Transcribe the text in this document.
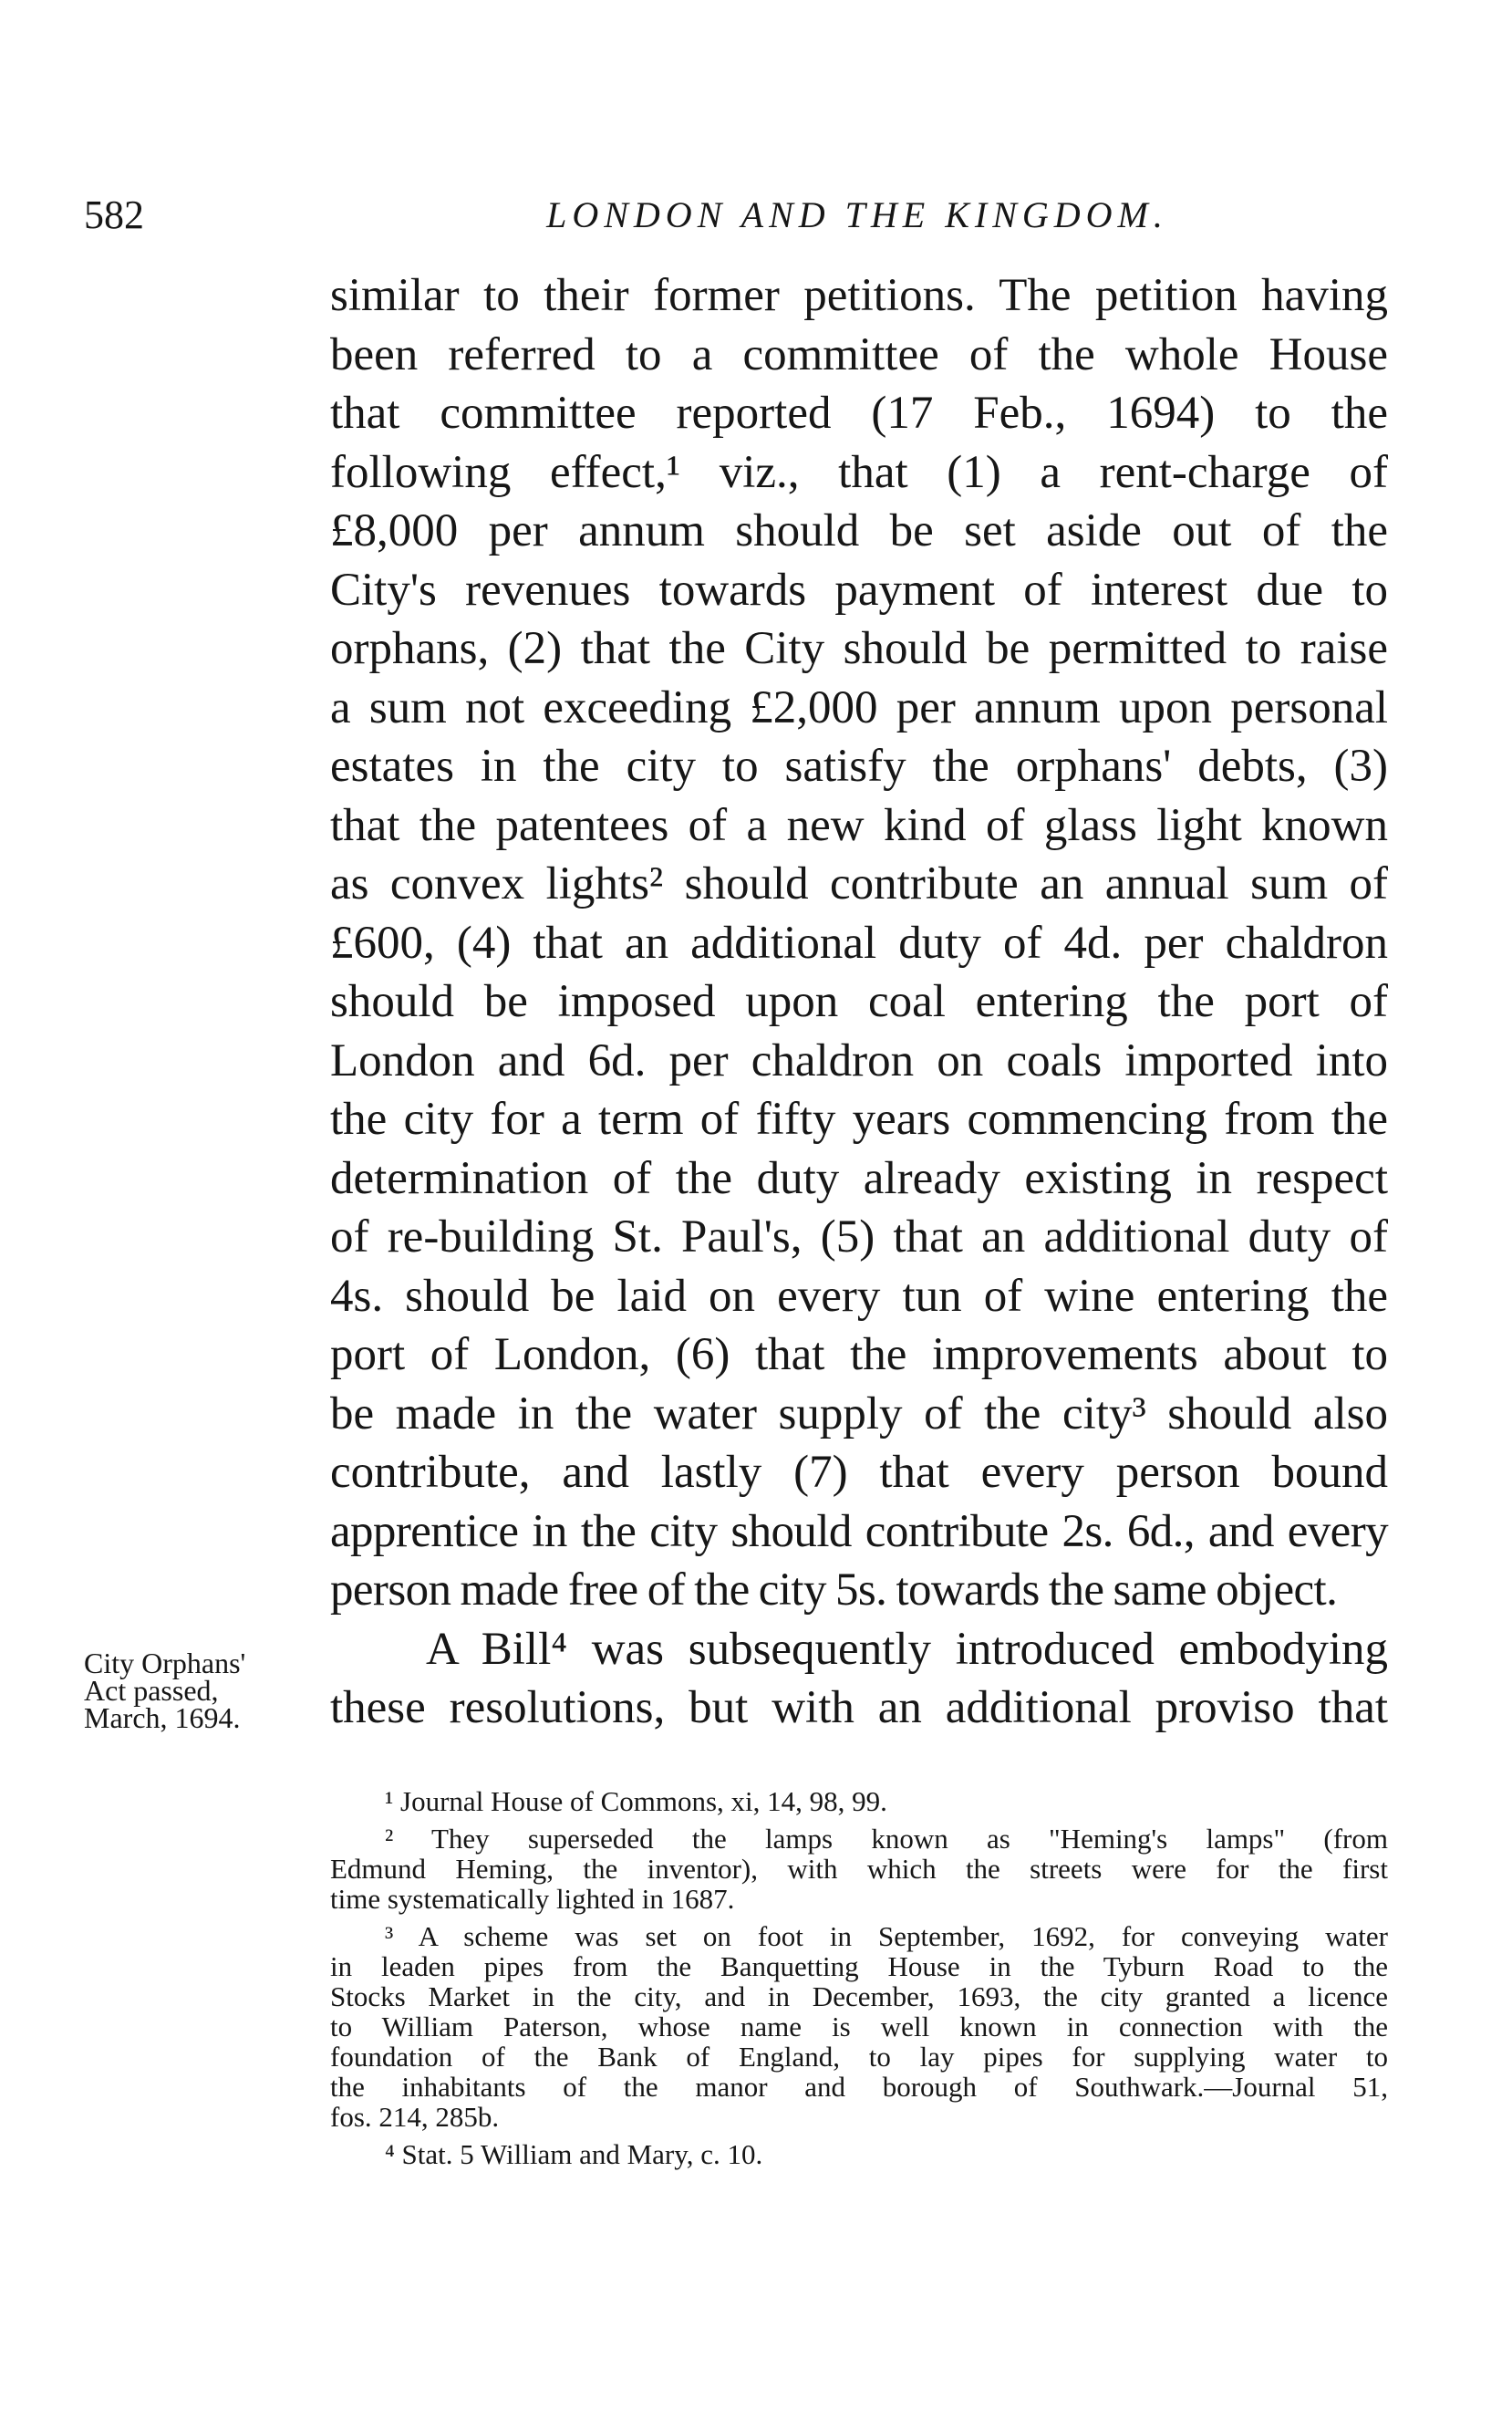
582	LONDON AND THE KINGDOM.
similar to their former petitions. The petition having
been referred to a committee of the whole House
that committee reported (17 Feb., 1694) to the
following effect,¹ viz., that (1) a rent-charge of
£8,000 per annum should be set aside out of the
City's revenues towards payment of interest due to
orphans, (2) that the City should be permitted to raise
a sum not exceeding £2,000 per annum upon personal
estates in the city to satisfy the orphans' debts, (3)
that the patentees of a new kind of glass light known
as convex lights² should contribute an annual sum of
£600, (4) that an additional duty of 4d. per chaldron
should be imposed upon coal entering the port of
London and 6d. per chaldron on coals imported into
the city for a term of fifty years commencing from the
determination of the duty already existing in respect
of re-building St. Paul's, (5) that an additional duty of
4s. should be laid on every tun of wine entering the
port of London, (6) that the improvements about to
be made in the water supply of the city³ should also
contribute, and lastly (7) that every person bound
apprentice in the city should contribute 2s. 6d., and every
person made free of the city 5s. towards the same object.
A Bill⁴ was subsequently introduced embodying
these resolutions, but with an additional proviso that
City Orphans'
Act passed,
March, 1694.
¹ Journal House of Commons, xi, 14, 98, 99.
² They superseded the lamps known as "Heming's lamps" (from
Edmund Heming, the inventor), with which the streets were for the first
time systematically lighted in 1687.
³ A scheme was set on foot in September, 1692, for conveying water
in leaden pipes from the Banquetting House in the Tyburn Road to the
Stocks Market in the city, and in December, 1693, the city granted a licence
to William Paterson, whose name is well known in connection with the
foundation of the Bank of England, to lay pipes for supplying water to
the inhabitants of the manor and borough of Southwark.—Journal 51,
fos. 214, 285b.
⁴ Stat. 5 William and Mary, c. 10.
